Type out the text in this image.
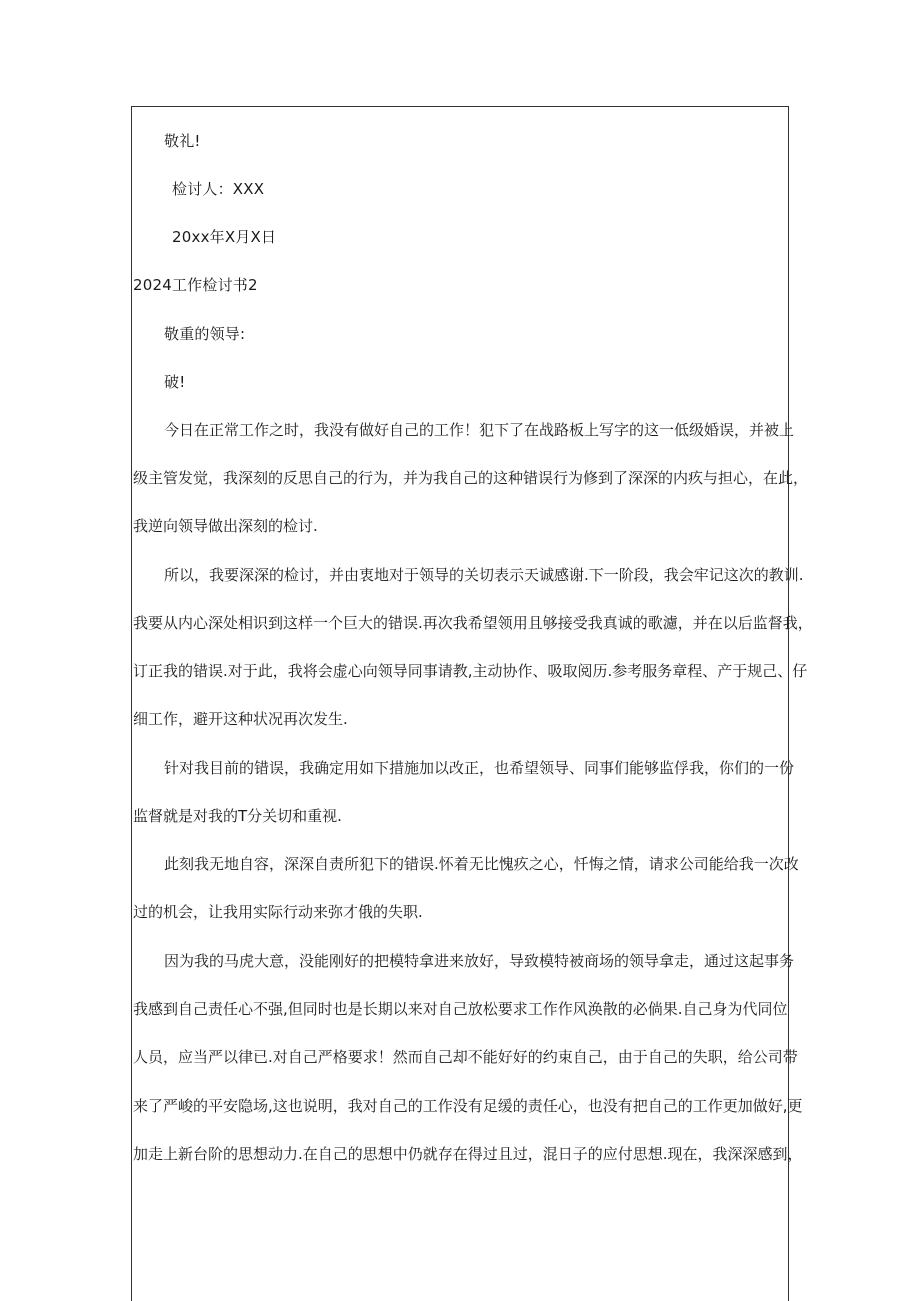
敬礼!
检讨人：XXX
20xx年X月X日
2024工作检讨书2
敬重的领导:
破!
今日在正常工作之时，我没有做好自己的工作！犯下了在战路板上写字的这一低级婚误，并被上
级主管发觉，我深刻的反思自己的行为，并为我自己的这种错误行为修到了深深的内疚与担心，在此，
我逆向领导做出深刻的检讨.
所以，我要深深的检讨，并由衷地对于领导的关切表示天诚感谢.下一阶段，我会牢记这次的教训.
我要从内心深处相识到这样一个巨大的错误.再次我希望领用且够接受我真诚的歌濾，并在以后监督我，
订正我的错误.对于此，我将会虚心向领导同事请教,主动协作、吸取阅历.参考服务章程、产于规己、仔
细工作，避开这种状况再次发生.
针对我目前的错误，我确定用如下措施加以改正，也希望领导、同事们能够监俘我，你们的一份
监督就是对我的T分关切和重视.
此刻我无地自容，深深自责所犯下的错误.怀着无比愧疚之心，忏悔之情，请求公司能给我一次改
过的机会，让我用实际行动来弥才俄的失职.
因为我的马虎大意，没能刚好的把模特拿进来放好，导致模特被商场的领导拿走，通过这起事务
我感到自己责任心不强,但同时也是长期以来对自己放松要求工作作风涣散的必倘果.自己身为代同位
人员，应当严以律已.对自己严格要求！然而自己却不能好好的约束自己，由于自己的失职，给公司带
来了严峻的平安隐场,这也说明，我对自己的工作没有足缓的责任心，也没有把自己的工作更加做好,更
加走上新台阶的思想动力.在自己的思想中仍就存在得过且过，混日子的应付思想.现在，我深深感到，
